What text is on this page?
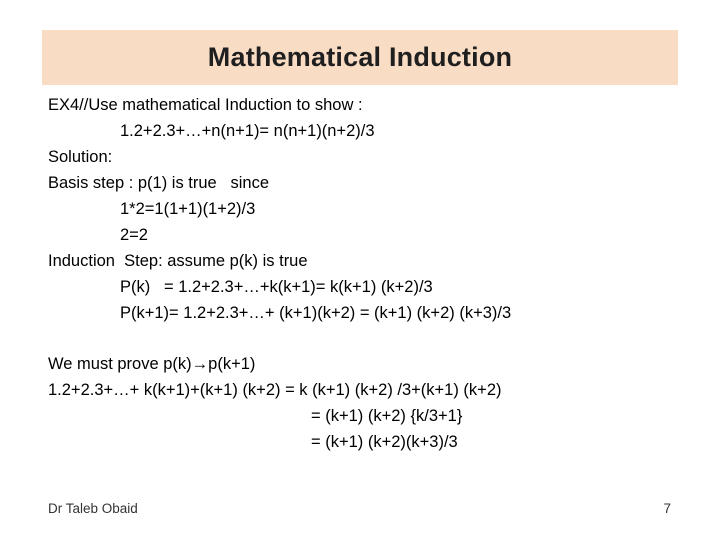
Mathematical Induction
EX4//Use mathematical Induction to show :
1.2+2.3+…+n(n+1)= n(n+1)(n+2)/3
Solution:
Basis step : p(1) is true   since
1*2=1(1+1)(1+2)/3
2=2
Induction  Step: assume p(k) is true
P(k)   = 1.2+2.3+…+k(k+1)= k(k+1) (k+2)/3
P(k+1)= 1.2+2.3+…+ (k+1)(k+2) = (k+1) (k+2) (k+3)/3
We must prove p(k)→p(k+1)
1.2+2.3+…+ k(k+1)+(k+1) (k+2) = k (k+1) (k+2) /3+(k+1) (k+2)
= (k+1) (k+2) {k/3+1}
= (k+1) (k+2)(k+3)/3
Dr Taleb Obaid	7
